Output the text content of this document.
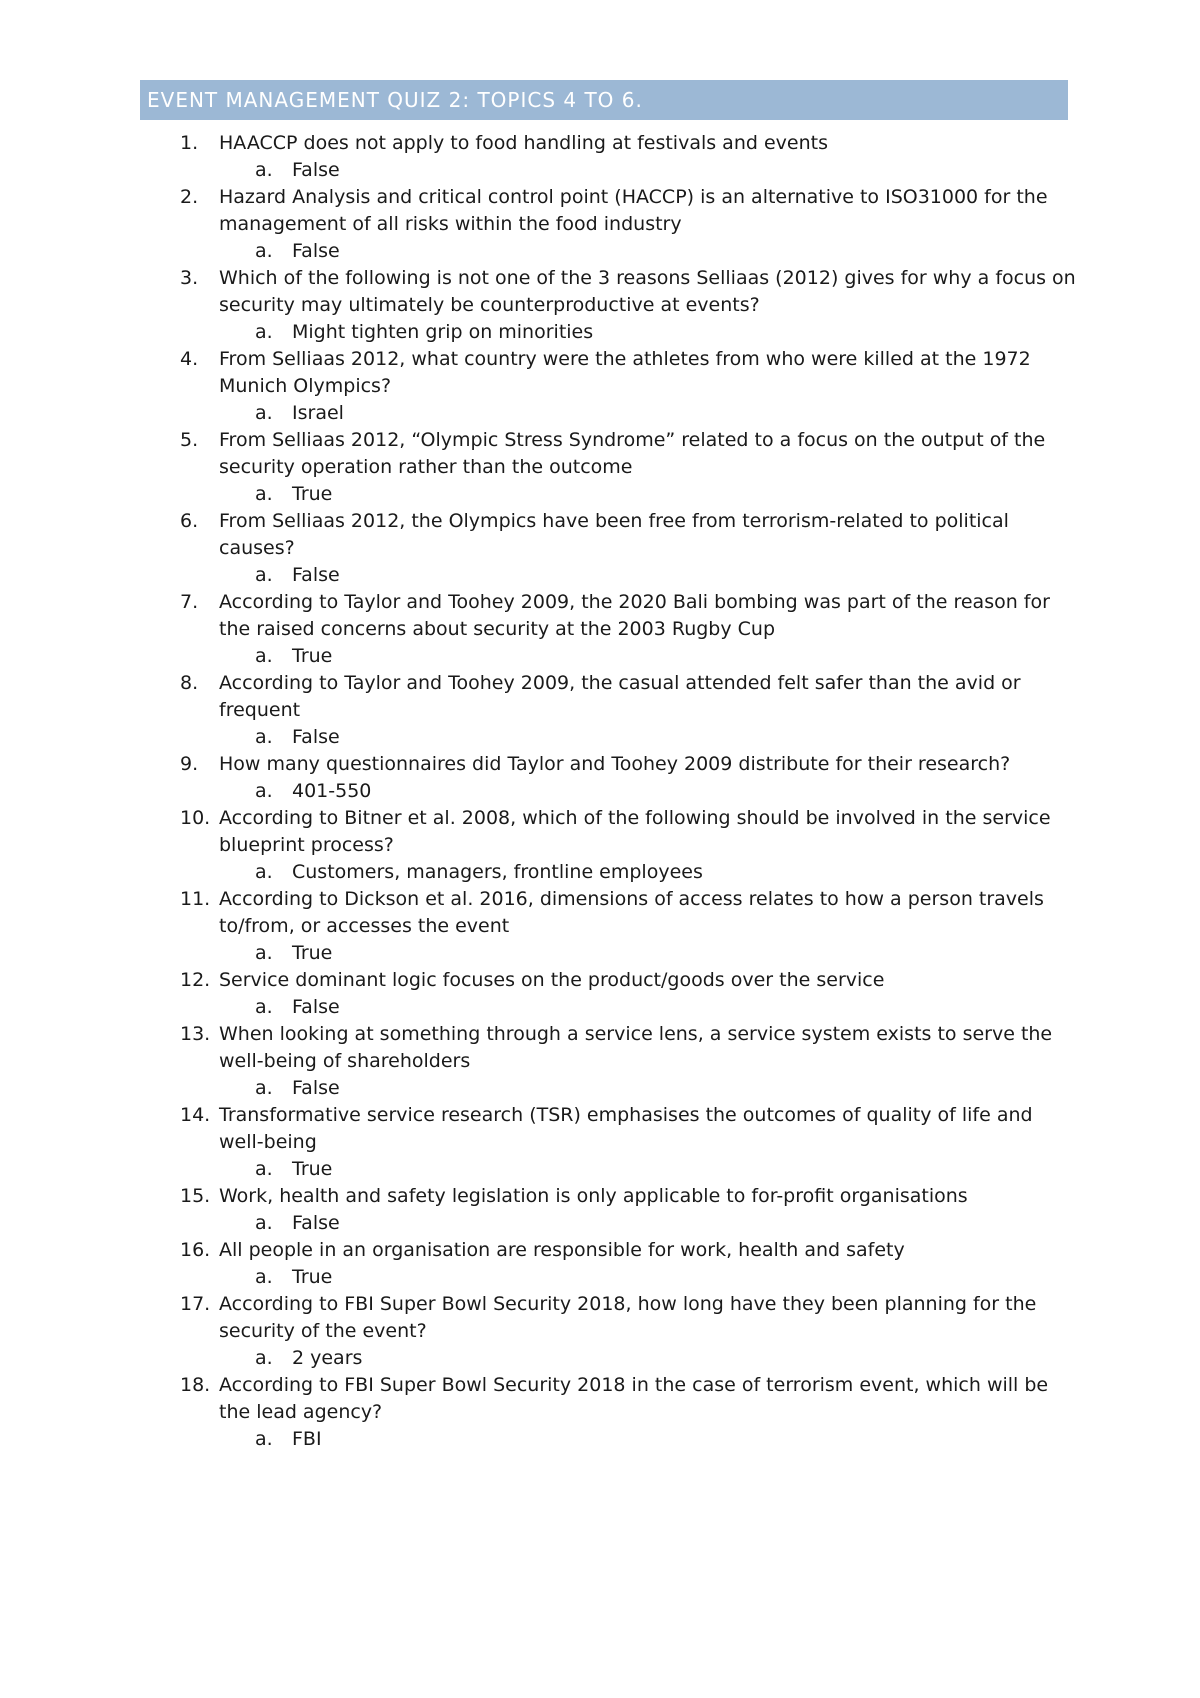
EVENT MANAGEMENT QUIZ 2: TOPICS 4 TO 6.
1.	HAACCP does not apply to food handling at festivals and events
a. False
2.	Hazard Analysis and critical control point (HACCP) is an alternative to ISO31000 for the management of all risks within the food industry
a. False
3.	Which of the following is not one of the 3 reasons Selliaas (2012) gives for why a focus on security may ultimately be counterproductive at events?
a. Might tighten grip on minorities
4.	From Selliaas 2012, what country were the athletes from who were killed at the 1972 Munich Olympics?
a. Israel
5.	From Selliaas 2012, “Olympic Stress Syndrome” related to a focus on the output of the security operation rather than the outcome
a. True
6.	From Selliaas 2012, the Olympics have been free from terrorism-related to political causes?
a. False
7.	According to Taylor and Toohey 2009, the 2020 Bali bombing was part of the reason for the raised concerns about security at the 2003 Rugby Cup
a. True
8.	According to Taylor and Toohey 2009, the casual attended felt safer than the avid or frequent
a. False
9.	How many questionnaires did Taylor and Toohey 2009 distribute for their research?
a. 401-550
10. According to Bitner et al. 2008, which of the following should be involved in the service blueprint process?
a. Customers, managers, frontline employees
11. According to Dickson et al. 2016, dimensions of access relates to how a person travels to/from, or accesses the event
a. True
12. Service dominant logic focuses on the product/goods over the service
a. False
13. When looking at something through a service lens, a service system exists to serve the well-being of shareholders
a. False
14. Transformative service research (TSR) emphasises the outcomes of quality of life and well-being
a. True
15. Work, health and safety legislation is only applicable to for-profit organisations
a. False
16. All people in an organisation are responsible for work, health and safety
a. True
17. According to FBI Super Bowl Security 2018, how long have they been planning for the security of the event?
a. 2 years
18. According to FBI Super Bowl Security 2018 in the case of terrorism event, which will be the lead agency?
a. FBI
